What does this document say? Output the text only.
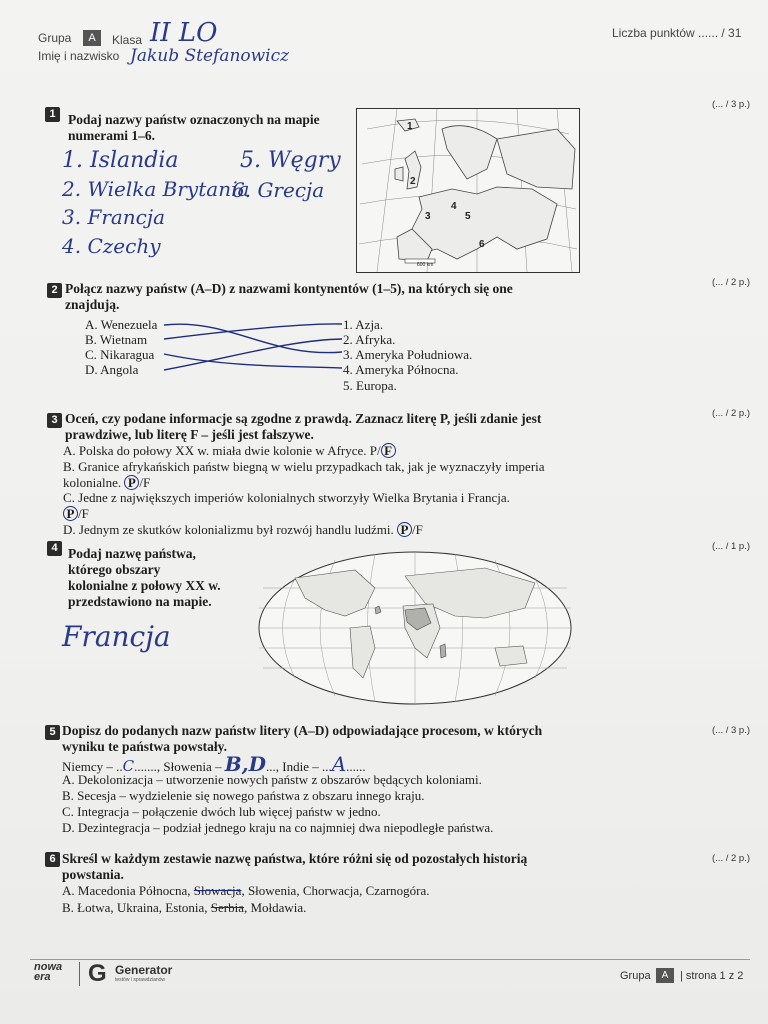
Grupa	A	Klasa II LO
Imię i nazwisko Jakub Stefanowicz
Liczba punktów ...... / 31
1 Podaj nazwy państw oznaczonych na mapie numerami 1–6.
(... / 3 p.)
1. Islandia
2. Wielka Brytania
3. Francja
4. Czechy
5. Węgry
6. Grecja
1
2
3
4
5
6
600 km
2 Połącz nazwy państw (A–D) z nazwami kontynentów (1–5), na których się one znajdują.
(... / 2 p.)
A. Wenezuela
B. Wietnam
C. Nikaragua
D. Angola
1. Azja.
2. Afryka.
3. Ameryka Południowa.
4. Ameryka Północna.
5. Europa.
3 Oceń, czy podane informacje są zgodne z prawdą. Zaznacz literę P, jeśli zdanie jest prawdziwe, lub literę F – jeśli jest fałszywe.
(... / 2 p.)
A. Polska do połowy XX w. miała dwie kolonie w Afryce. P/ F
B. Granice afrykańskich państw biegną w wielu przypadkach tak, jak je wyznaczyły imperia kolonialne. P /F
C. Jedne z największych imperiów kolonialnych stworzyły Wielka Brytania i Francja.
P /F
D. Jednym ze skutków kolonializmu był rozwój handlu ludźmi. P /F
4 Podaj nazwę państwa,
którego obszary
kolonialne z połowy XX w.
przedstawiono na mapie.
(... / 1 p.)
Francja
5 Dopisz do podanych nazw państw litery (A–D) odpowiadające procesom, w których wyniku te państwa powstały.
(... / 3 p.)
Niemcy – ..C......., Słowenia – B,D..., Indie – ...A......
A. Dekolonizacja – utworzenie nowych państw z obszarów będących koloniami.
B. Secesja – wydzielenie się nowego państwa z obszaru innego kraju.
C. Integracja – połączenie dwóch lub więcej państw w jedno.
D. Dezintegracja – podział jednego kraju na co najmniej dwa niepodległe państwa.
6 Skreśl w każdym zestawie nazwę państwa, które różni się od pozostałych historią powstania.
(... / 2 p.)
A. Macedonia Północna, Słowacja, Słowenia, Chorwacja, Czarnogóra.
B. Łotwa, Ukraina, Estonia, Serbia, Mołdawia.
nowa
era	G Generator
testów i sprawdzianów	Grupa	A	| strona 1 z 2
